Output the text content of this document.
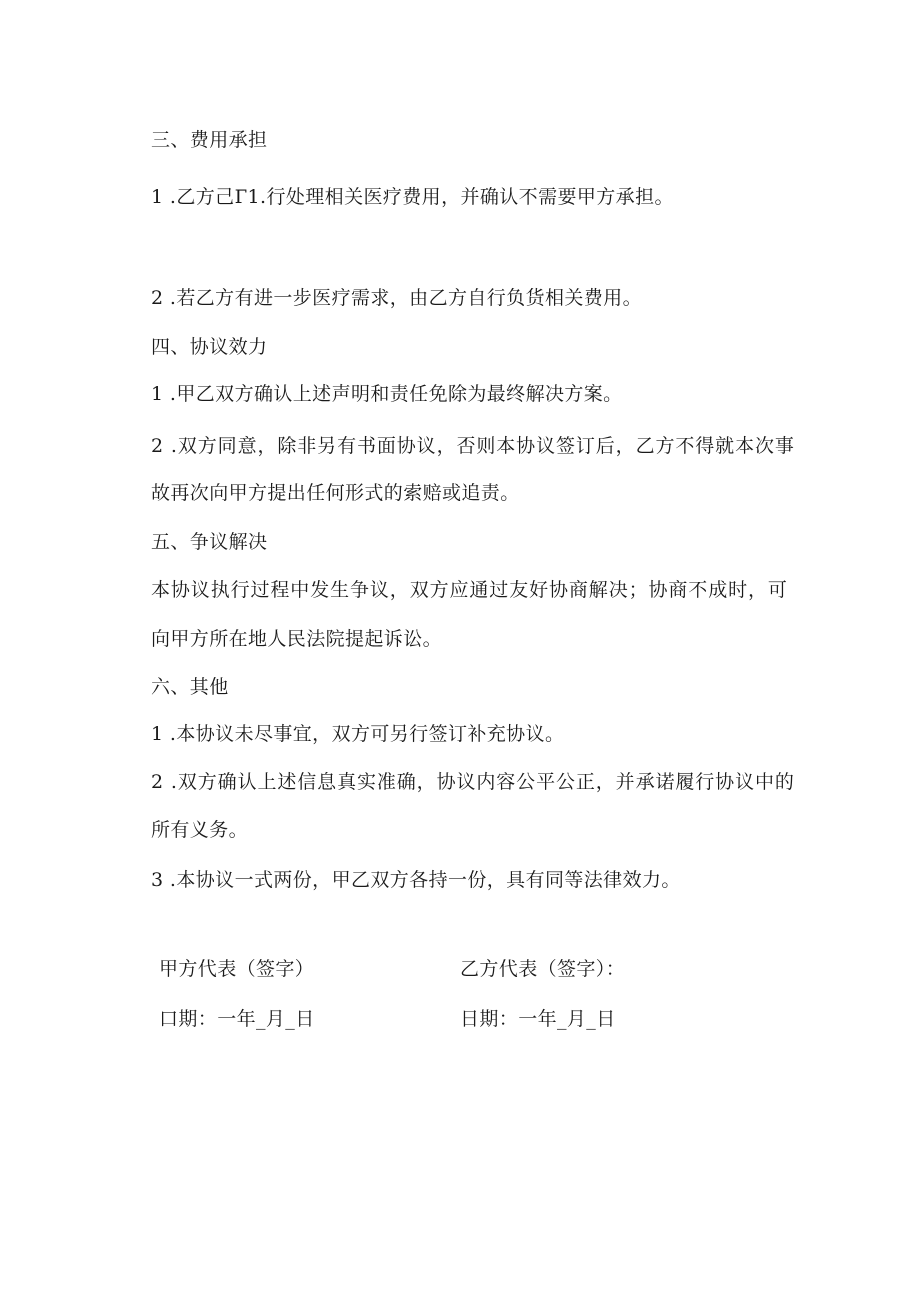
三、费用承担
1 .乙方己Г1.行处理相关医疗费用，并确认不需要甲方承担。
2 .若乙方有进一步医疗需求，由乙方自行负货相关费用。
四、协议效力
1 .甲乙双方确认上述声明和责任免除为最终解决方案。
2 .双方同意，除非另有书面协议，否则本协议签订后，乙方不得就本次事
故再次向甲方提出任何形式的索赔或追责。
五、争议解决
本协议执行过程中发生争议，双方应通过友好协商解决；协商不成时，可
向甲方所在地人民法院提起诉讼。
六、其他
1 .本协议未尽事宜，双方可另行签订补充协议。
2 .双方确认上述信息真实准确，协议内容公平公正，并承诺履行协议中的
所有义务。
3 .本协议一式两份，甲乙双方各持一份，具有同等法律效力。
甲方代表（签字）	乙方代表（签字）：
口期：一年_月_日	日期：一年_月_日
